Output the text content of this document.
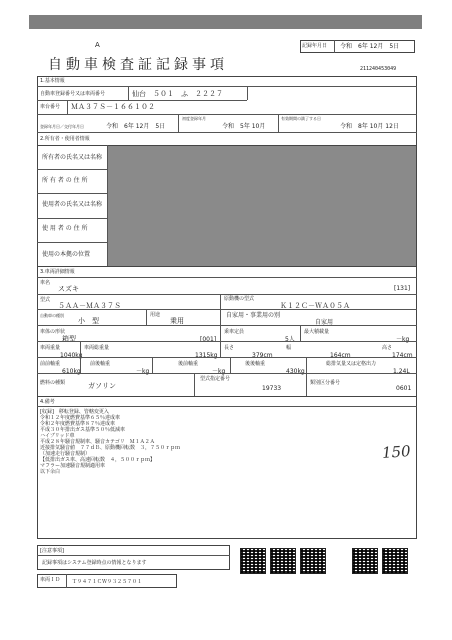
A
自動車検査証記録事項
記録年月日 令和　6年 12月　5日
211240453049
1.基本情報
自動車登録番号又は車両番号	仙台　５０１　ふ　２２２７
車台番号 ＭＡ３７Ｓ－１６６１０２
登録年月日／交付年月日	令和　6年 12月　5日
初度登録年月
令和　5年 10月
有効期間の満了する日
令和　8年 10月 12日
2.所有者・使用者情報
所有者の氏名又は名称
所 有 者 の 住 所
使用者の氏名又は名称
使 用 者 の 住 所
使用の本拠の位置
3.車両詳細情報
車名
スズキ	[131]
型式
５ＡＡ－ＭＡ３７Ｓ
原動機の型式
Ｋ１２Ｃ－ＷＡ０５Ａ
自動車の種別
小　型
用途
乗用
自家用・事業用の別
自家用
車体の形状
箱型	[001]
乗車定員
5人
最大積載量
－kg
車両重量
1040kg
車両総重量
1315kg
長さ
379cm
幅
164cm
高さ
174cm
前前軸重
610kg
前後軸重
－kg
後前軸重
－kg
後後軸重
430kg
総排気量又は定格出力
1.24L
燃料の種類	ガソリン
型式指定番号
19733
類別区分番号
0601
4.備考
[収録]　移転登録、管轄変更入
令和１２年度燃費基準６５％達成車
令和２年度燃費基準８７％達成車
平成３０年排出ガス基準５０％低減車
ハイブリッド車
平成２８年騒音規制車、騒音カテゴリ　Ｍ１Ａ２Ａ
近接排気騒音値　７７ｄＢ、原動機回転数　３，７５０ｒｐｍ
（加速走行騒音規制）
【低排出ガス車、高速回転数　４，５００ｒｐｍ】
マフラー加速騒音規制適用車
以下余白
150
[注意事項]
記録事項はシステム登録時点の情報となります
車両ＩＤ Ｔ９４７１ＣＷ９３２５７０１
